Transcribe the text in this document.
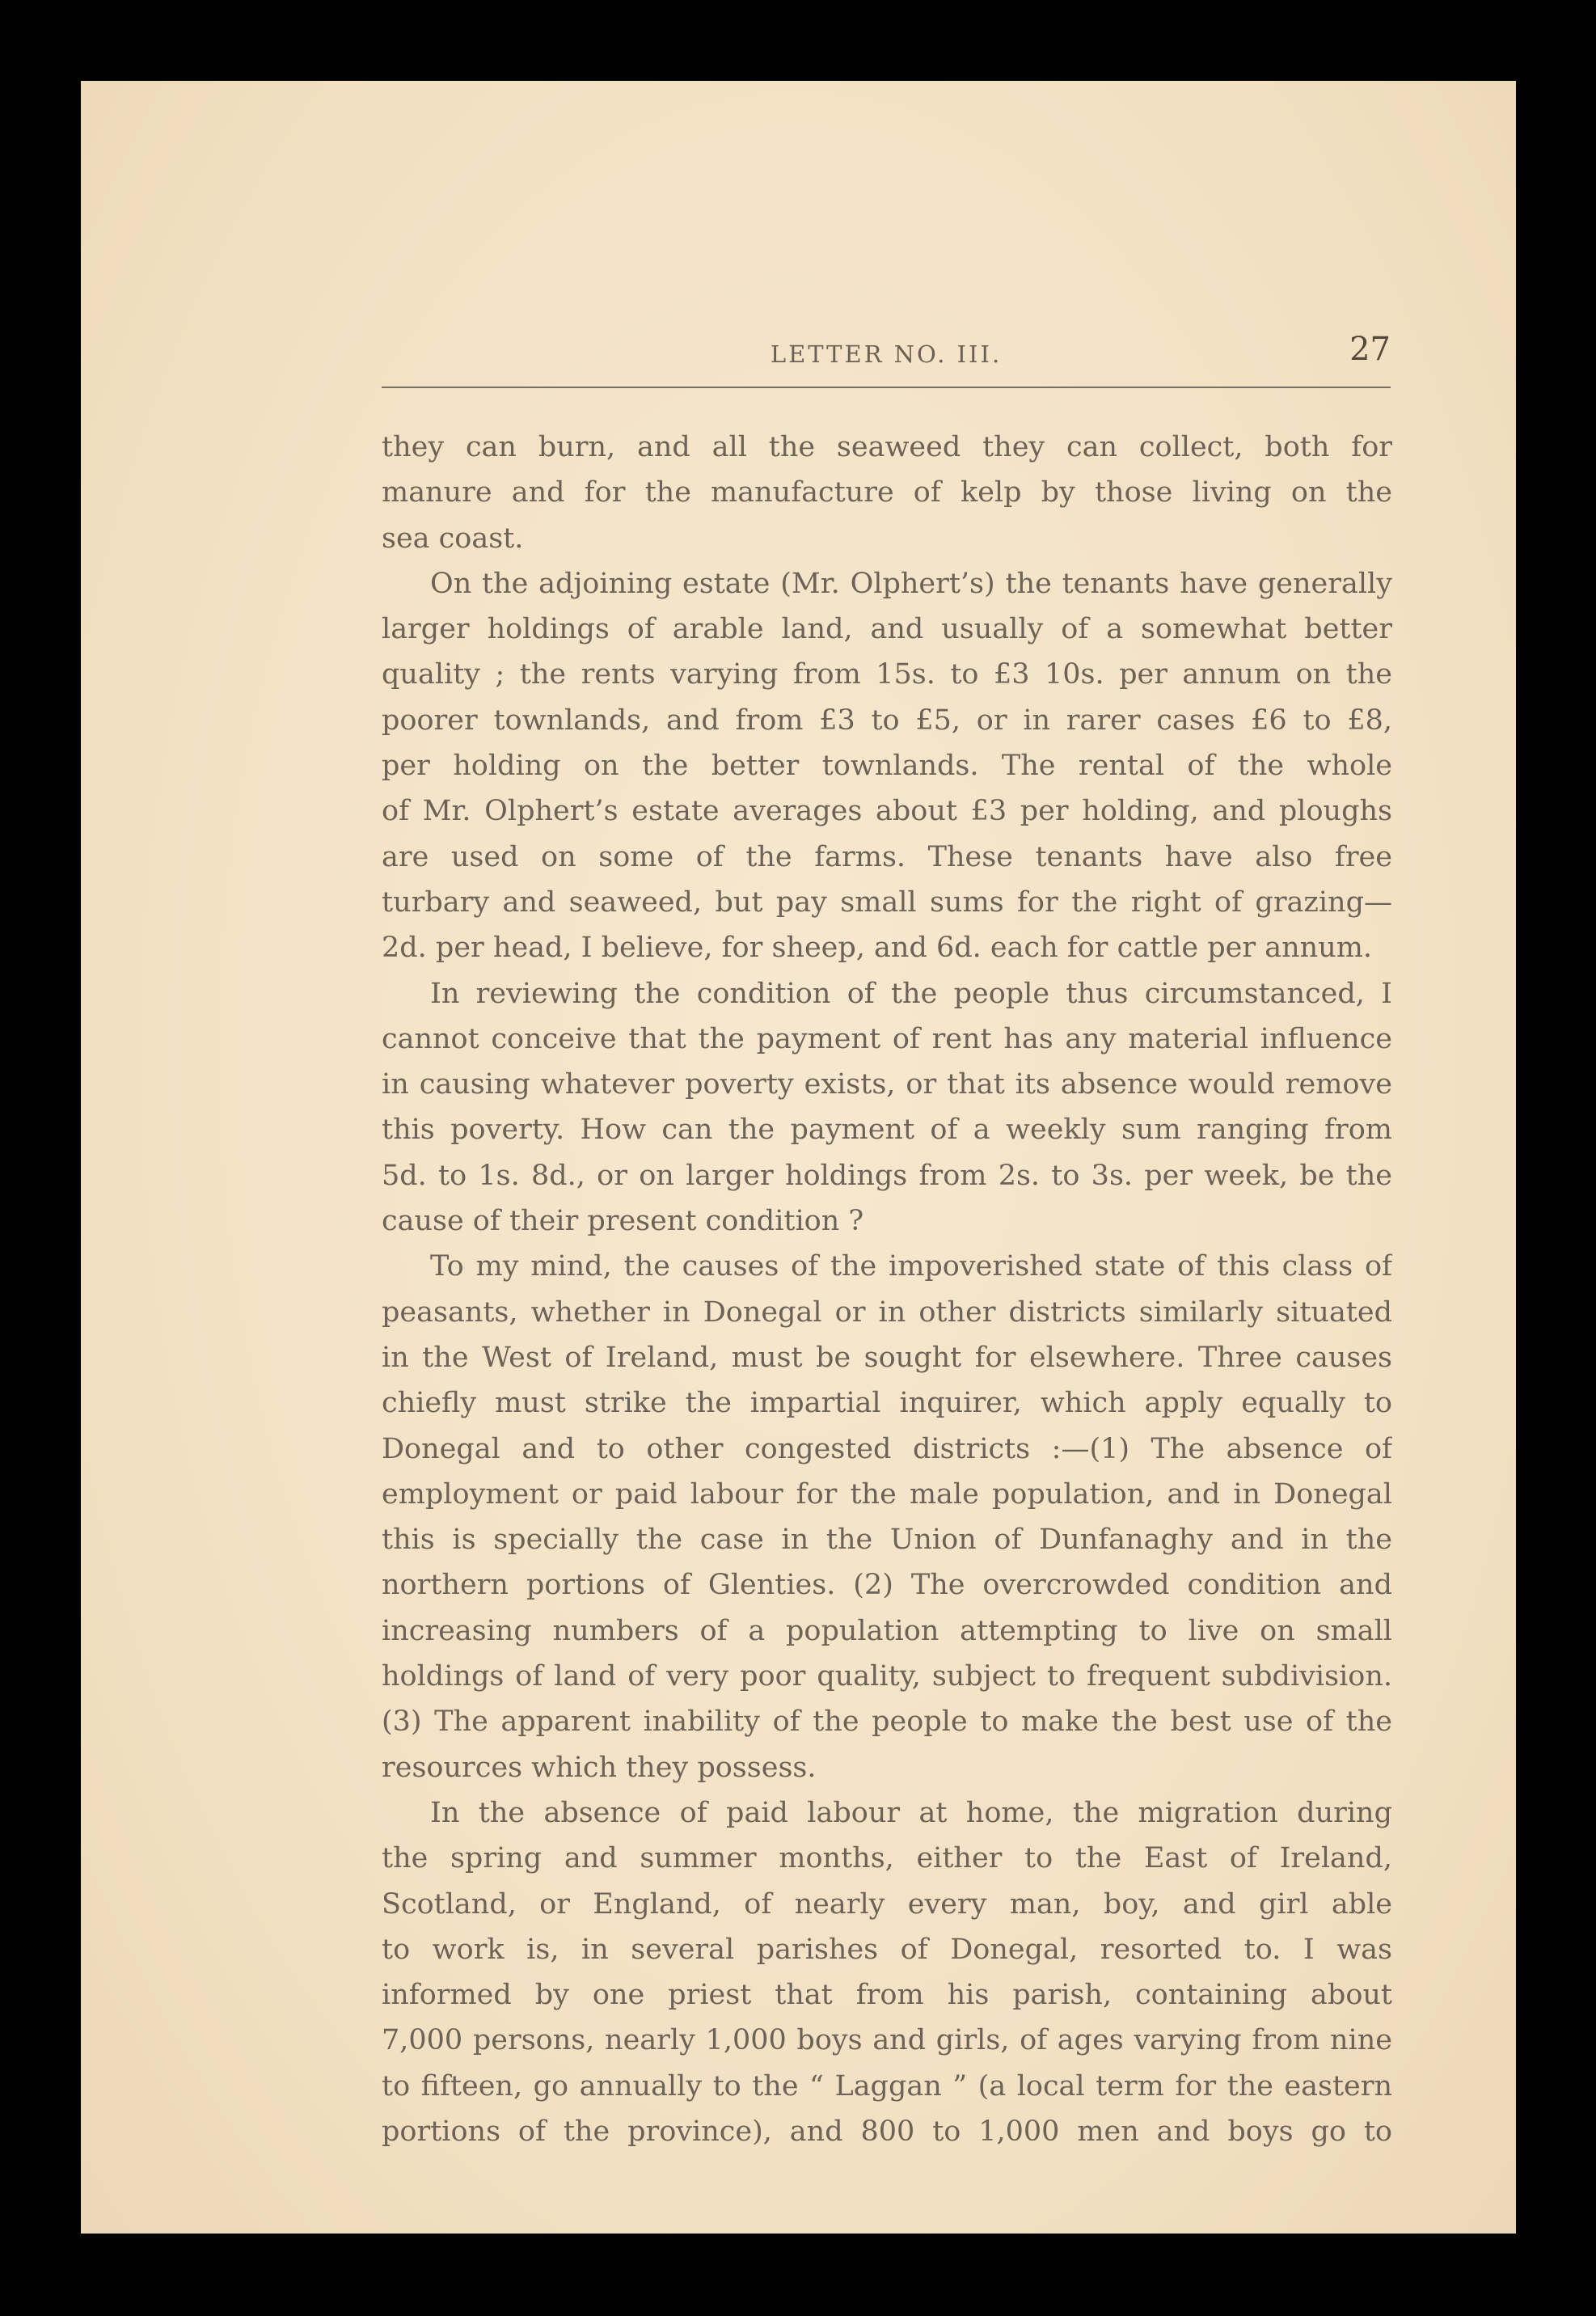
LETTER NO. III.	27
they can burn, and all the seaweed they can collect, both for
manure and for the manufacture of kelp by those living on the
sea coast.
On the adjoining estate (Mr. Olphert’s) the tenants have generally
larger holdings of arable land, and usually of a somewhat better
quality ; the rents varying from 15s. to £3 10s. per annum on the
poorer townlands, and from £3 to £5, or in rarer cases £6 to £8,
per holding on the better townlands. The rental of the whole
of Mr. Olphert’s estate averages about £3 per holding, and ploughs
are used on some of the farms. These tenants have also free
turbary and seaweed, but pay small sums for the right of grazing—
2d. per head, I believe, for sheep, and 6d. each for cattle per annum.
In reviewing the condition of the people thus circumstanced, I
cannot conceive that the payment of rent has any material influence
in causing whatever poverty exists, or that its absence would remove
this poverty. How can the payment of a weekly sum ranging from
5d. to 1s. 8d., or on larger holdings from 2s. to 3s. per week, be the
cause of their present condition ?
To my mind, the causes of the impoverished state of this class of
peasants, whether in Donegal or in other districts similarly situated
in the West of Ireland, must be sought for elsewhere. Three causes
chiefly must strike the impartial inquirer, which apply equally to
Donegal and to other congested districts :—(1) The absence of
employment or paid labour for the male population, and in Donegal
this is specially the case in the Union of Dunfanaghy and in the
northern portions of Glenties. (2) The overcrowded condition and
increasing numbers of a population attempting to live on small
holdings of land of very poor quality, subject to frequent subdivision.
(3) The apparent inability of the people to make the best use of the
resources which they possess.
In the absence of paid labour at home, the migration during
the spring and summer months, either to the East of Ireland,
Scotland, or England, of nearly every man, boy, and girl able
to work is, in several parishes of Donegal, resorted to. I was
informed by one priest that from his parish, containing about
7,000 persons, nearly 1,000 boys and girls, of ages varying from nine
to fifteen, go annually to the “ Laggan ” (a local term for the eastern
portions of the province), and 800 to 1,000 men and boys go to
